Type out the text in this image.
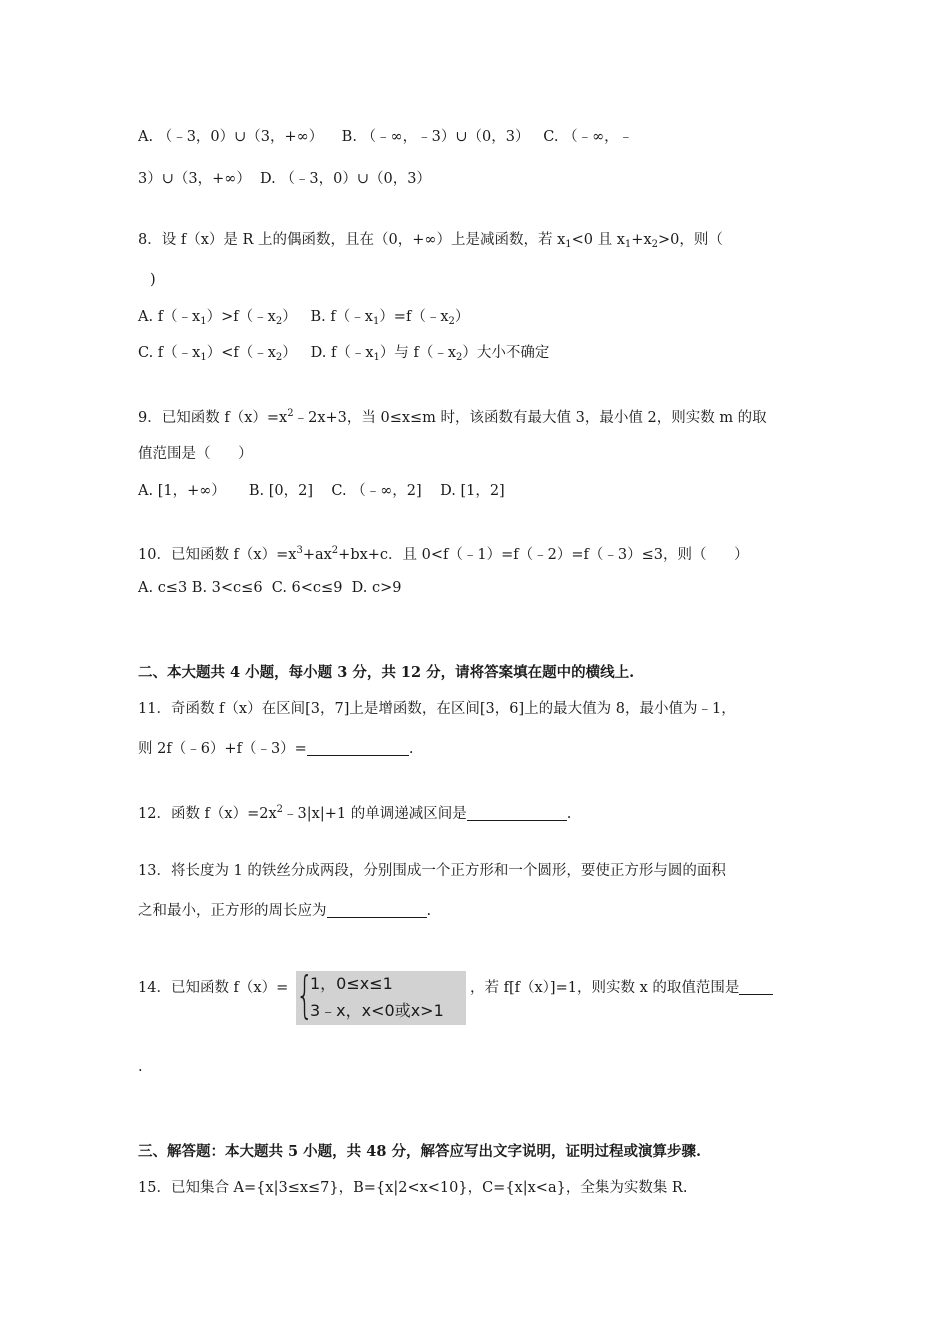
A. （﹣3，0）∪（3，+∞）    B. （﹣∞，﹣3）∪（0，3）   C. （﹣∞，﹣
3）∪（3，+∞）  D. （﹣3，0）∪（0，3）
8．设 f（x）是 R 上的偶函数，且在（0，+∞）上是减函数，若 $x_1<0$ 且 $x_1+x_2>0$，则（
)
A. $f(﹣x_1)>f(﹣x_2)$   B. $f(﹣x_1)=f(﹣x_2)$
C. $f(﹣x_1)<f(﹣x_2)$   D. $f(﹣x_1)$与 $f(﹣x_2)$大小不确定
9．已知函数 $f(x)=x^2﹣2x+3$，当 0≤x≤m 时，该函数有最大值 3，最小值 2，则实数 m 的取
值范围是（      ）
A. [1，+∞）     B. [0，2]    C. （﹣∞，2]    D. [1，2]
10．已知函数 $f(x)=x^3+ax^2+bx+c$．且 0<f（﹣1）=f（﹣2）=f（﹣3）≤3，则（      ）
A. c≤3 B. 3<c≤6  C. 6<c≤9  D. c>9
二、本大题共 4 小题，每小题 3 分，共 12 分，请将答案填在题中的横线上.
11．奇函数 f（x）在区间[3，7]上是增函数，在区间[3，6]上的最大值为 8，最小值为﹣1，
则 2f（﹣6）+f（﹣3）=	.
12．函数 $f(x)=2x^2﹣3|x|+1$ 的单调递减区间是	.
13．将长度为 1 的铁丝分成两段，分别围成一个正方形和一个圆形，要使正方形与圆的面积
之和最小，正方形的周长应为	.
14．已知函数 f（x）= {
1，0≤x≤1
3﹣x，x<0或x>1
，若 f[f（x）]=1，则实数 x 的取值范围是
.
三、解答题：本大题共 5 小题，共 48 分，解答应写出文字说明，证明过程或演算步骤.
15．已知集合 A={x|3≤x≤7}，B={x|2<x<10}，C={x|x<a}，全集为实数集 R.
